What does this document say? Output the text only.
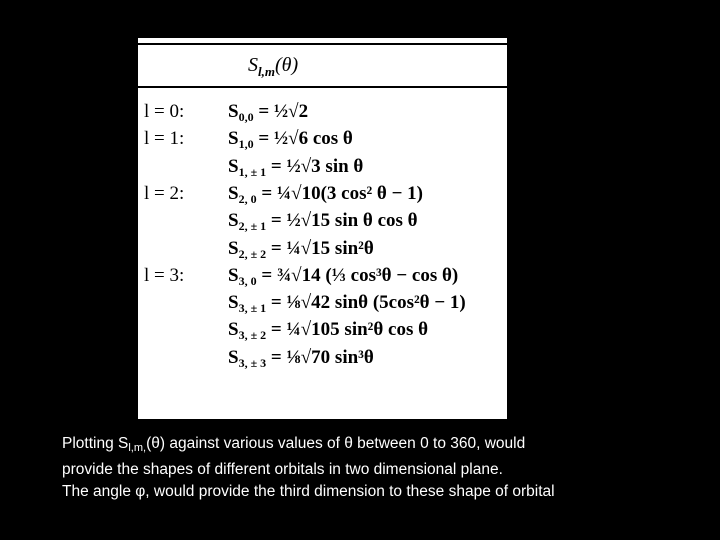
$S_{l,m}(\theta)$
l = 0: $S_{0,0}$ = ½√2
l = 1: $S_{1,0}$ = ½√6 cos θ
$S_{1, \pm 1}$ = ½√3 sin θ
l = 2: $S_{2, 0}$ = ¼√10(3 cos² θ − 1)
$S_{2, \pm 1}$ = ½√15 sin θ cos θ
$S_{2, \pm 2}$ = ¼√15 sin²θ
l = 3: $S_{3, 0}$ = ¾√14 (⅓ cos³θ − cos θ)
$S_{3, \pm 1}$ = ⅛√42 sinθ (5cos²θ − 1)
$S_{3, \pm 2}$ = ¼√105 sin²θ cos θ
$S_{3, \pm 3}$ = ⅛√70 sin³θ
Plotting $S_{l,m,}(\theta)$ against various values of θ between 0 to 360, would
provide the shapes of different orbitals in two dimensional plane.
The angle φ, would provide the third dimension to these shape of orbital
